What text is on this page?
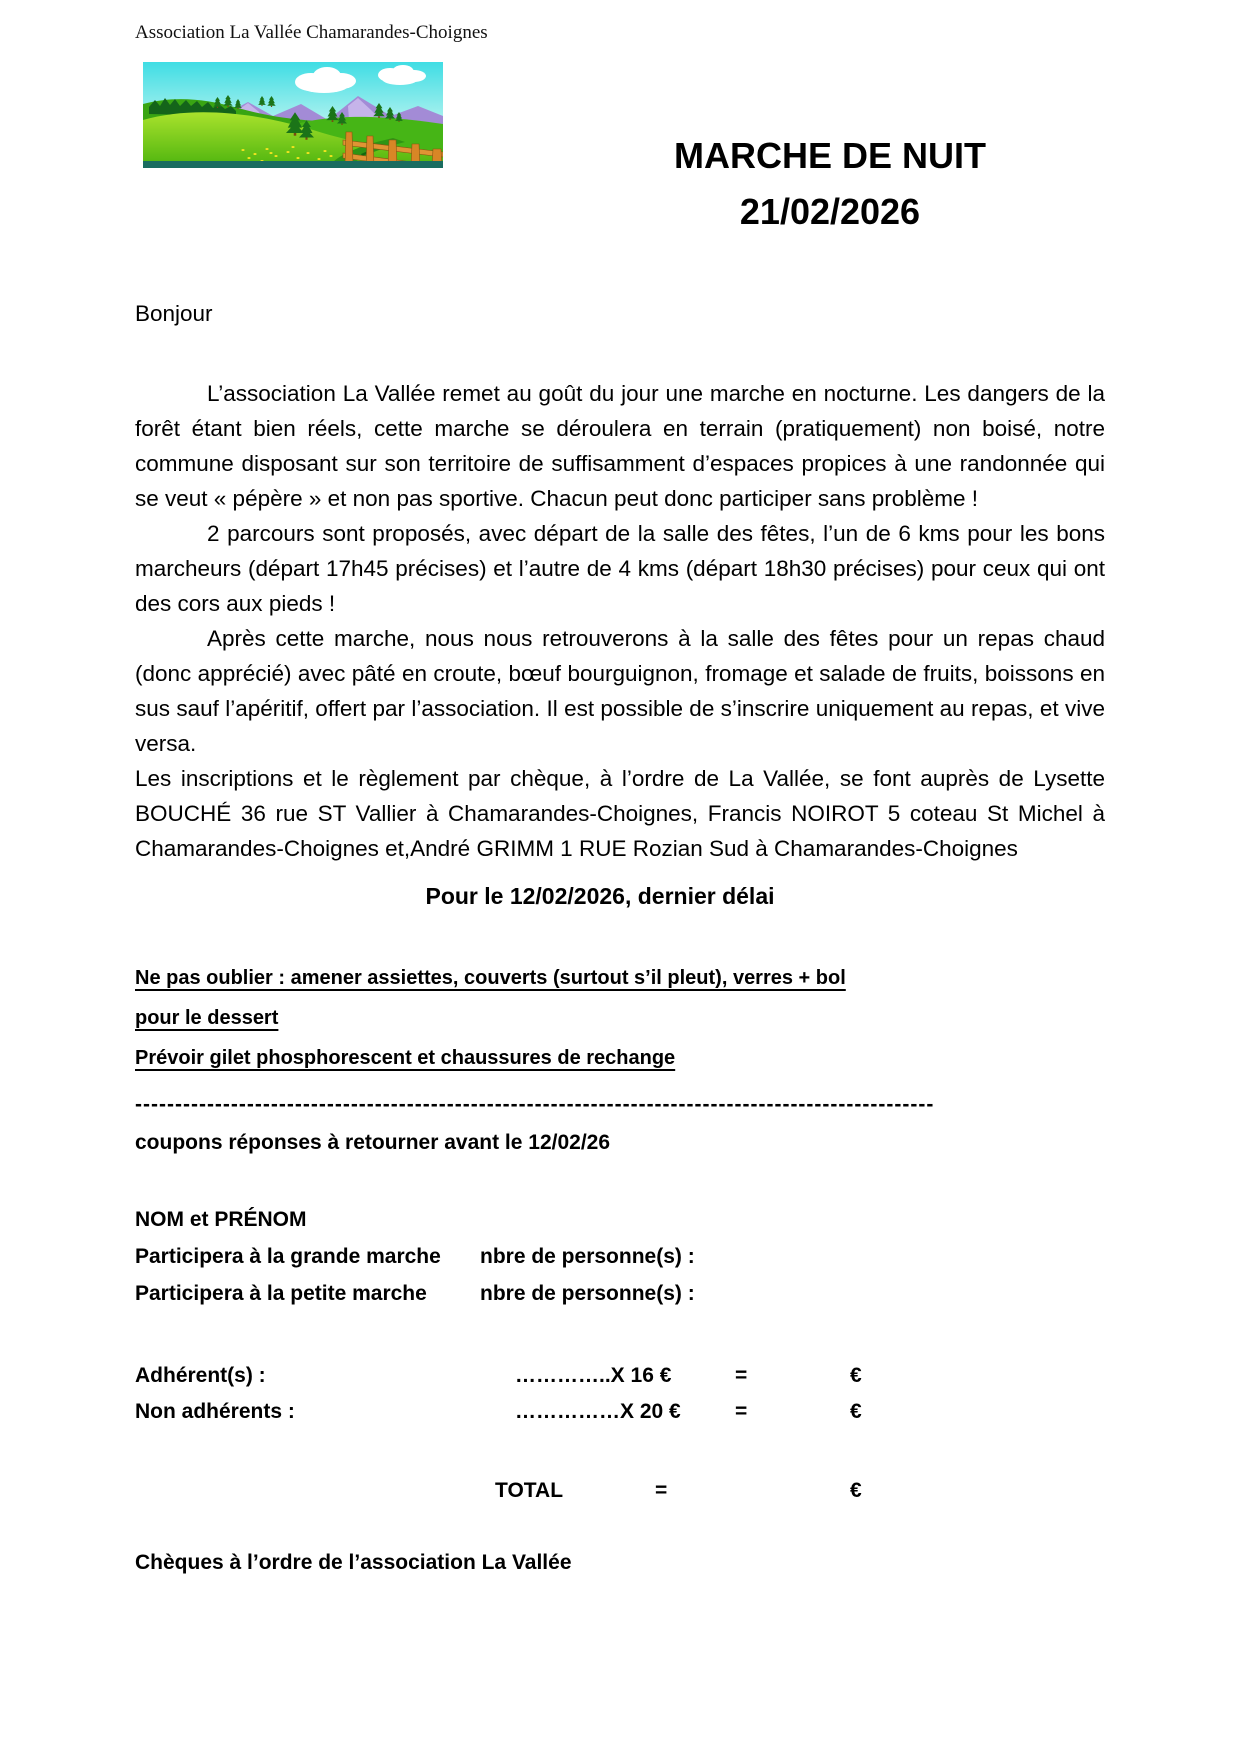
Association La Vallée Chamarandes-Choignes
MARCHE DE NUIT
21/02/2026
Bonjour

L’association La Vallée remet au goût du jour une marche en nocturne. Les dangers de la forêt étant bien réels, cette marche se déroulera en terrain (pratiquement) non boisé, notre commune disposant sur son territoire de suffisamment d’espaces propices à une randonnée qui se veut « pépère » et non pas sportive. Chacun peut donc participer sans problème !

2 parcours sont proposés, avec départ de la salle des fêtes, l’un de 6 kms pour les bons marcheurs (départ 17h45 précises) et l’autre de 4 kms (départ 18h30 précises) pour ceux qui ont des cors aux pieds !

Après cette marche, nous nous retrouverons à la salle des fêtes pour un repas chaud (donc apprécié) avec pâté en croute, bœuf bourguignon, fromage et salade de fruits, boissons en sus sauf l’apéritif, offert par l’association. Il est possible de s’inscrire uniquement au repas, et vive versa.

Les inscriptions et le règlement par chèque, à l’ordre de La Vallée, se font auprès de Lysette BOUCHÉ 36 rue ST Vallier à Chamarandes-Choignes, Francis NOIROT 5 coteau St Michel à Chamarandes-Choignes et,André GRIMM 1 RUE Rozian Sud à Chamarandes-Choignes

Pour le 12/02/2026, dernier délai
Ne pas oublier : amener assiettes, couverts (surtout s’il pleut), verres + bol
pour le dessert
Prévoir gilet phosphorescent et chaussures de rechange
----------------------------------------------------------------------------------------------------
coupons réponses à retourner avant le 12/02/26
NOM et PRÉNOM
Participera à la grande marche	nbre de personne(s) :
Participera à la petite marche	nbre de personne(s) :
Adhérent(s) :	…………..X 16 €	=	€
Non adhérents :	……………X 20 €	=	€
TOTAL	=	€
Chèques à l’ordre de l’association La Vallée
